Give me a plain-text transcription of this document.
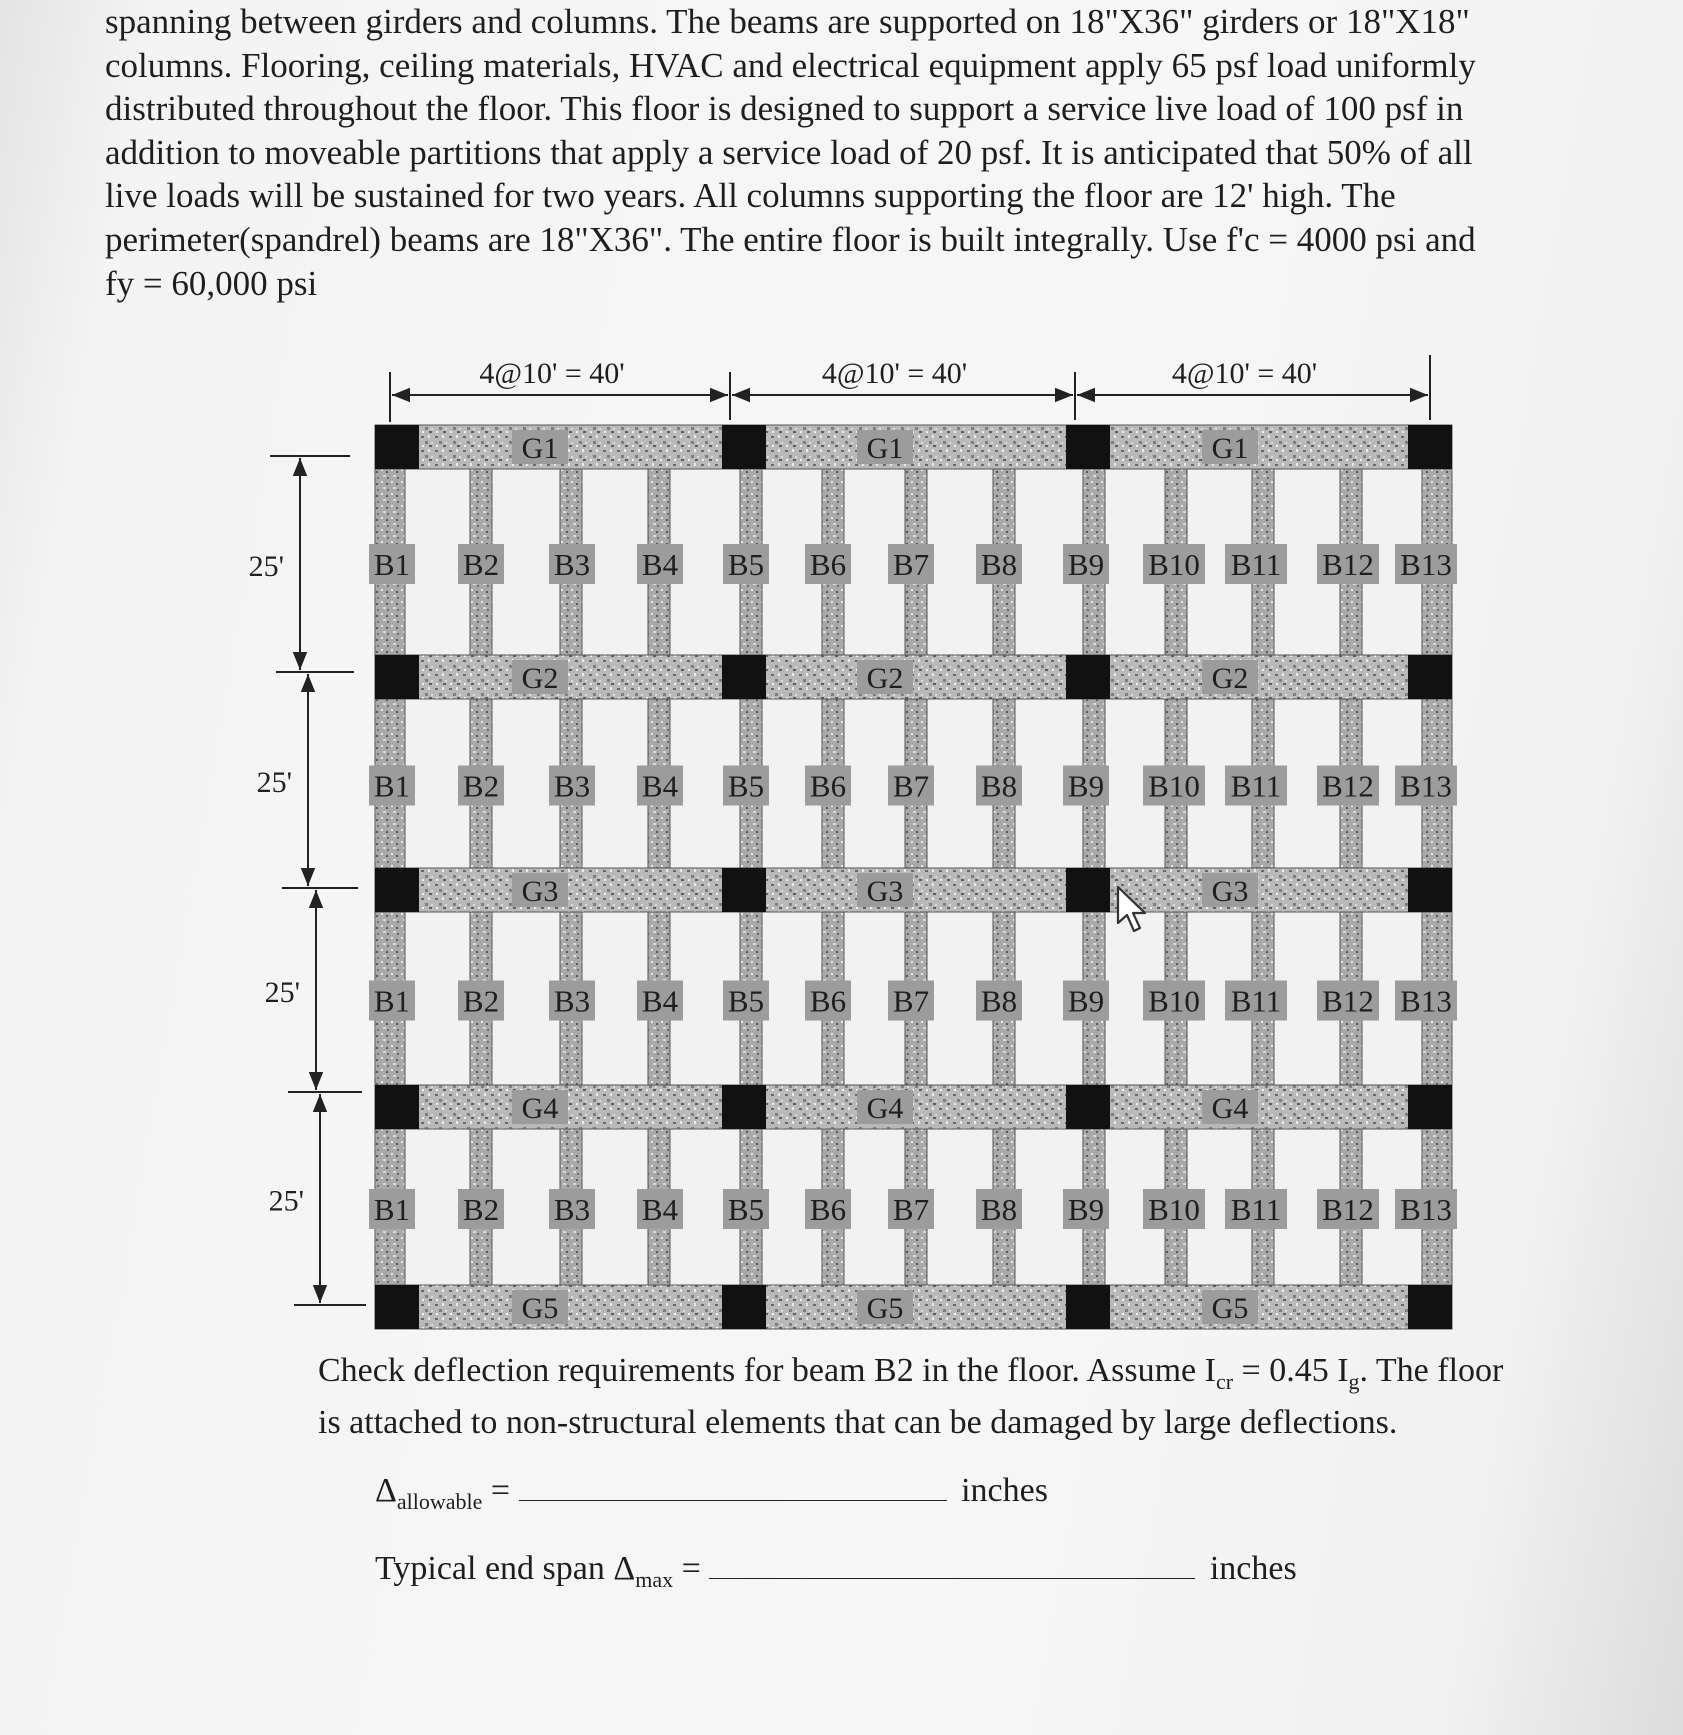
spanning between girders and columns. The beams are supported on 18"X36" girders or 18"X18"

columns. Flooring, ceiling materials, HVAC and electrical equipment apply 65 psf load uniformly

distributed throughout the floor. This floor is designed to support a service live load of 100 psf in

addition to moveable partitions that apply a service load of 20 psf. It is anticipated that 50% of all

live loads will be sustained for two years. All columns supporting the floor are 12' high. The

perimeter(spandrel) beams are 18"X36". The entire floor is built integrally. Use f'c = 4000 psi and

fy = 60,000 psi

4@10' = 40'	4@10' = 40'	4@10' = 40'
25'
25'
25'
25'
G1	G1	G1
G2	G2	G2
G3	G3	G3
G4	G4	G4
G5	G5	G5
B1 B2 B3 B4 B5 B6 B7 B8 B9 B10 B11 B12 B13
B1 B2 B3 B4 B5 B6 B7 B8 B9 B10 B11 B12 B13
B1 B2 B3 B4 B5 B6 B7 B8 B9 B10 B11 B12 B13
B1 B2 B3 B4 B5 B6 B7 B8 B9 B10 B11 B12 B13

Check deflection requirements for beam B2 in the floor. Assume $I_{cr} = 0.45$ $I_g$. The floor

is attached to non-structural elements that can be damaged by large deflections.

$\Delta_{allowable}$ =	inches
Typical end span $\Delta_{max}$ =	inches
